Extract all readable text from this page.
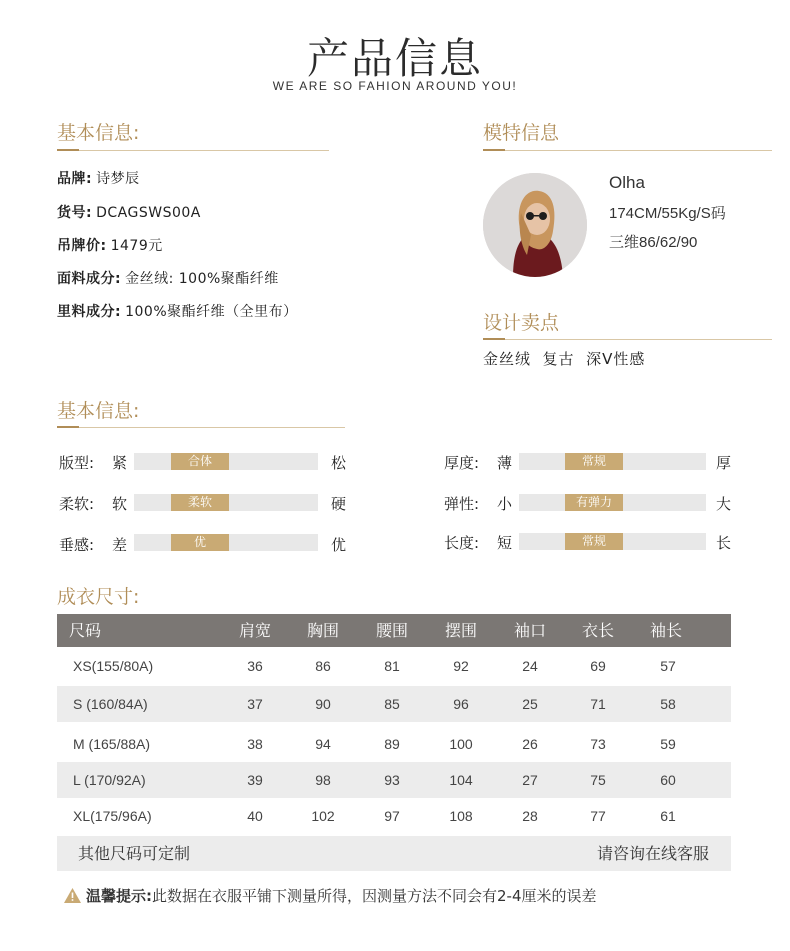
产品信息
WE ARE SO FAHION AROUND YOU!
基本信息:
品牌: 诗梦辰
货号: DCAGSWS00A
吊牌价: 1479元
面料成分: 金丝绒: 100%聚酯纤维
里料成分: 100%聚酯纤维（全里布）
模特信息
Olha
174CM/55Kg/S码
三维86/62/90
设计卖点
金丝绒  复古  深V性感
基本信息:
版型: 紧	合体	松
柔软: 软	柔软	硬
垂感: 差	优	优
厚度: 薄	常规	厚
弹性: 小	有弹力	大
长度: 短	常规	长
成衣尺寸:
尺码	肩宽	胸围	腰围	摆围	袖口	衣长	袖长
XS(155/80A)	36	86	81	92	24	69	57
S (160/84A)	37	90	85	96	25	71	58
M (165/88A)	38	94	89	100	26	73	59
L (170/92A)	39	98	93	104	27	75	60
XL(175/96A)	40	102	97	108	28	77	61
其他尺码可定制	请咨询在线客服
温馨提示:此数据在衣服平铺下测量所得，因测量方法不同会有2-4厘米的误差
